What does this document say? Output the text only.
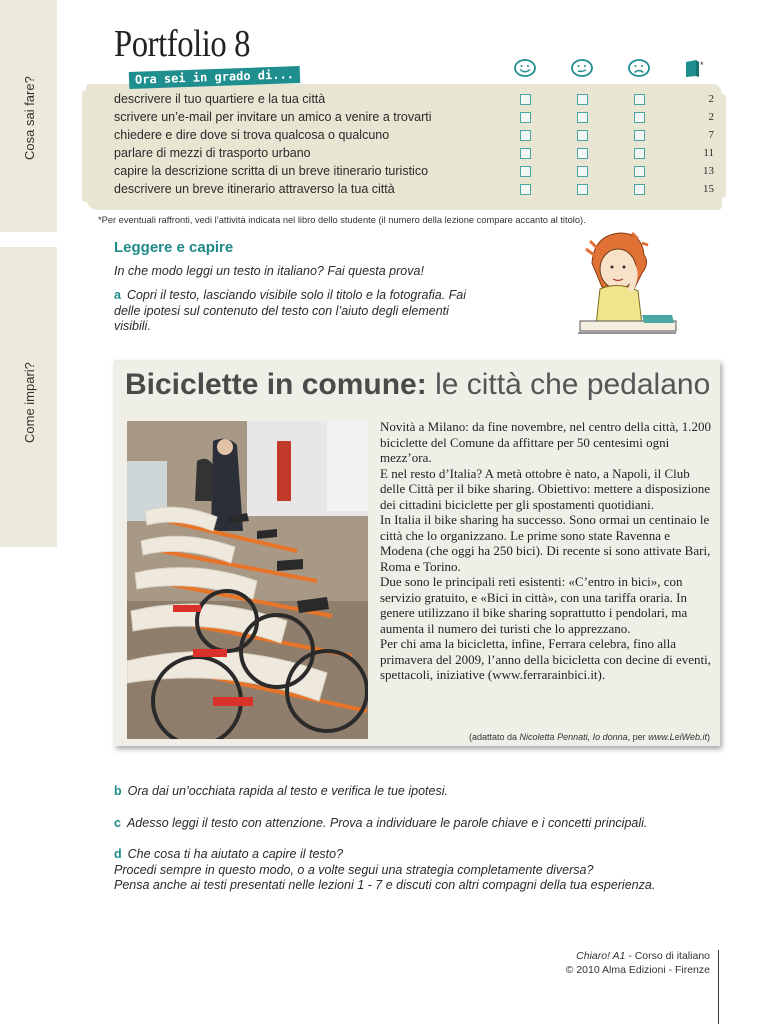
Cosa sai fare?
Come impari?
Portfolio 8	*
Ora sei in grado di...
descrivere il tuo quartiere e la tua città	2
scrivere un’e-mail per invitare un amico a venire a trovarti	2
chiedere e dire dove si trova qualcosa o qualcuno	7
parlare di mezzi di trasporto urbano	11
capire la descrizione scritta di un breve itinerario turistico	13
descrivere un breve itinerario attraverso la tua città	15
*Per eventuali raffronti, vedi l’attività indicata nel libro dello studente (il numero della lezione compare accanto al titolo).
Leggere e capire
In che modo leggi un testo in italiano? Fai questa prova!
a Copri il testo, lasciando visibile solo il titolo e la fotografia. Fai delle ipotesi sul contenuto del testo con l’aiuto degli elementi visibili.
Biciclette in comune: le città che pedalano

Novità a Milano: da fine novembre, nel centro della città, 1.200 biciclette del Comune da affittare per 50 centesimi ogni mezz’ora.

E nel resto d’Italia? A metà ottobre è nato, a Napoli, il Club delle Città per il bike sharing. Obiettivo: mettere a disposizione dei cittadini biciclette per gli spostamenti quotidiani.

In Italia il bike sharing ha successo. Sono ormai un centinaio le città che lo organizzano. Le prime sono state Ravenna e Modena (che oggi ha 250 bici). Di recente si sono attivate Bari, Roma e Torino.

Due sono le principali reti esistenti: «C’entro in bici», con servizio gratuito, e «Bici in città», con una tariffa oraria. In genere utilizzano il bike sharing soprattutto i pendolari, ma aumenta il numero dei turisti che lo apprezzano.

Per chi ama la bicicletta, infine, Ferrara celebra, fino alla primavera del 2009, l’anno della bicicletta con decine di eventi, spettacoli, iniziative (www.ferrarainbici.it).

(adattato da Nicoletta Pennati, Io donna, per www.LeiWeb.it)
b Ora dai un’occhiata rapida al testo e verifica le tue ipotesi.
c Adesso leggi il testo con attenzione. Prova a individuare le parole chiave e i concetti principali.
d Che cosa ti ha aiutato a capire il testo?
Procedi sempre in questo modo, o a volte segui una strategia completamente diversa?
Pensa anche ai testi presentati nelle lezioni 1 - 7 e discuti con altri compagni della tua esperienza.
Chiaro! A1 - Corso di italiano
© 2010 Alma Edizioni - Firenze
